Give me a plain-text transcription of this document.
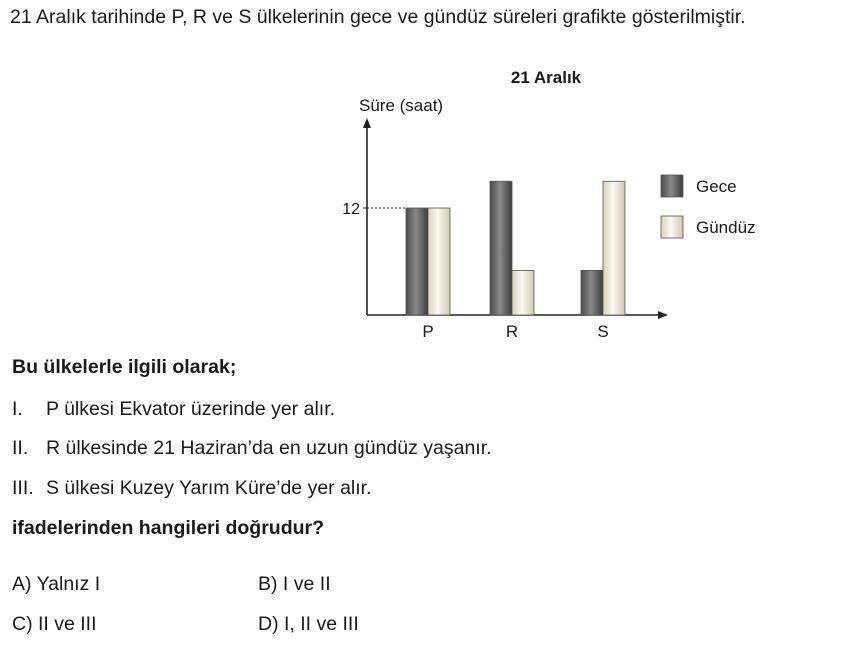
21 Aralık tarihinde P, R ve S ülkelerinin gece ve gündüz süreleri grafikte gösterilmiştir.
21 Aralık
Süre (saat)
12
P	R	S
Gece
Gündüz
Bu ülkelerle ilgili olarak;
I. P ülkesi Ekvator üzerinde yer alır.
II. R ülkesinde 21 Haziran’da en uzun gündüz yaşanır.
III. S ülkesi Kuzey Yarım Küre’de yer alır.
ifadelerinden hangileri doğrudur?
A) Yalnız I	B) I ve II
C) II ve III	D) I, II ve III
